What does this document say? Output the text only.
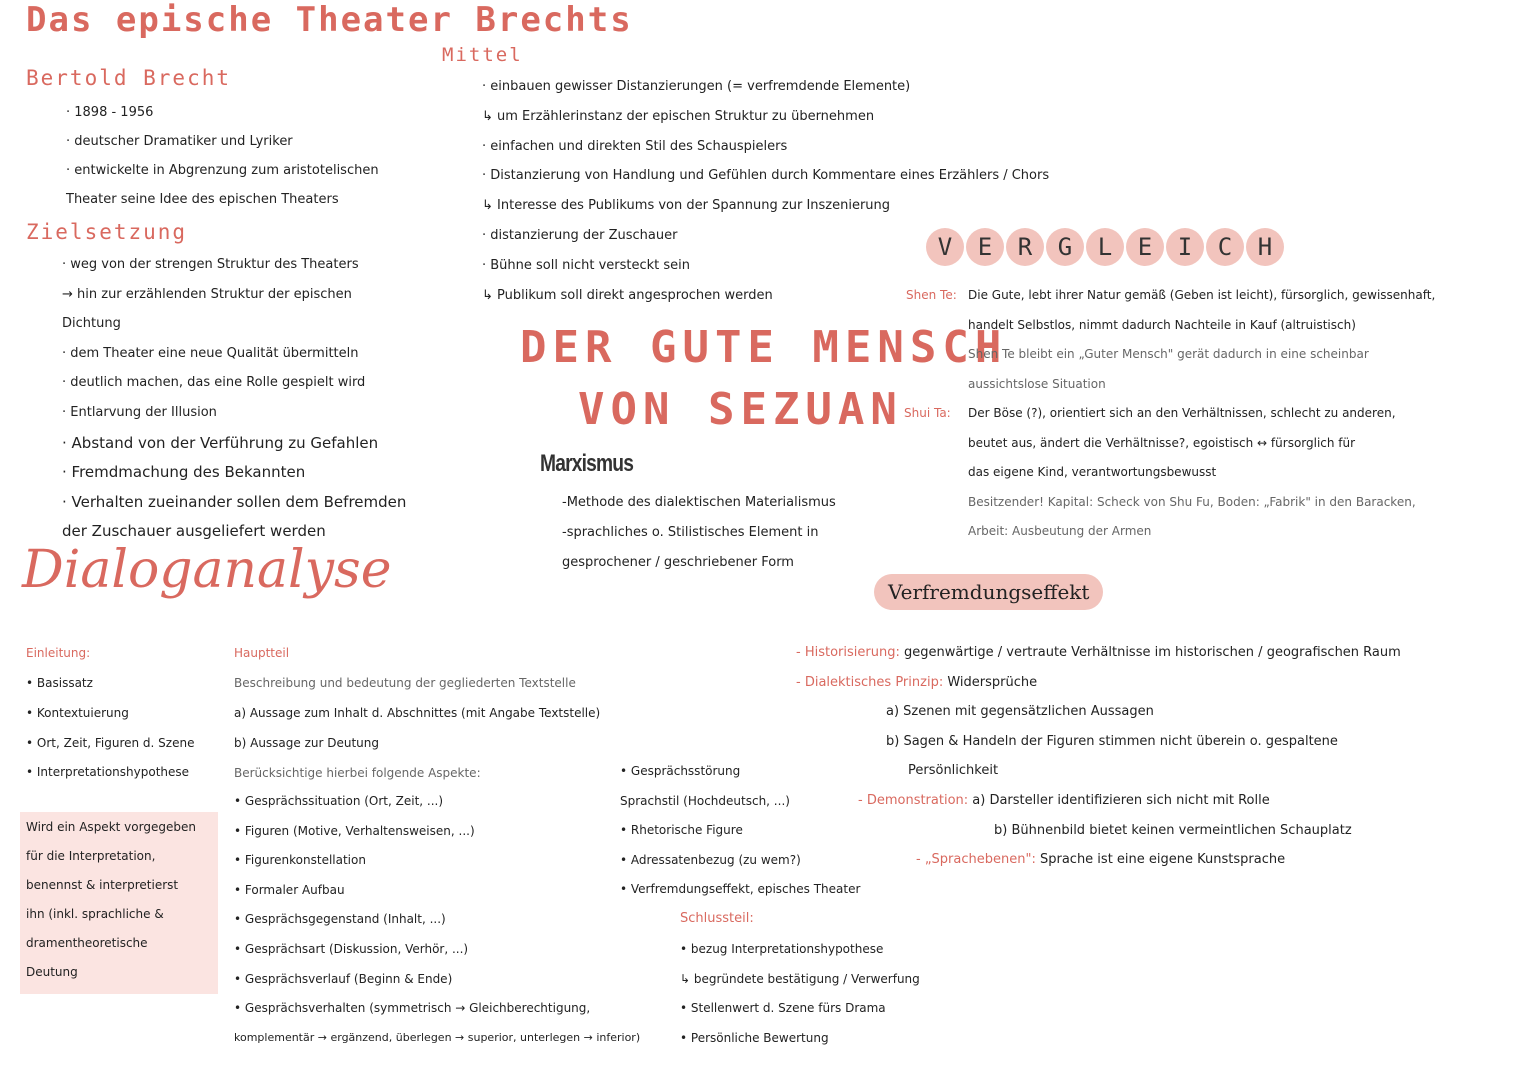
Das epische Theater Brechts
Bertold Brecht
· 1898 - 1956
· deutscher Dramatiker und Lyriker
· entwickelte in Abgrenzung zum aristotelischen
Theater seine Idee des epischen Theaters
Zielsetzung
· weg von der strengen Struktur des Theaters
→ hin zur erzählenden Struktur der epischen
Dichtung
· dem Theater eine neue Qualität übermitteln
· deutlich machen, das eine Rolle gespielt wird
· Entlarvung der Illusion
· Abstand von der Verführung zu Gefahlen
· Fremdmachung des Bekannten
· Verhalten zueinander sollen dem Befremden
der Zuschauer ausgeliefert werden
Mittel
· einbauen gewisser Distanzierungen (= verfremdende Elemente)
↳ um Erzählerinstanz der epischen Struktur zu übernehmen
· einfachen und direkten Stil des Schauspielers
· Distanzierung von Handlung und Gefühlen durch Kommentare eines Erzählers / Chors
↳ Interesse des Publikums von der Spannung zur Inszenierung
· distanzierung der Zuschauer
· Bühne soll nicht versteckt sein
↳ Publikum soll direkt angesprochen werden
DER GUTE MENSCH
VON SEZUAN
Marxismus
-Methode des dialektischen Materialismus
-sprachliches o. Stilistisches Element in
gesprochener / geschriebener Form
V	E	R	G	L	E	I	C	H
Shen Te: Die Gute, lebt ihrer Natur gemäß (Geben ist leicht), fürsorglich, gewissenhaft,
handelt Selbstlos, nimmt dadurch Nachteile in Kauf (altruistisch)
Shen Te bleibt ein „Guter Mensch" gerät dadurch in eine scheinbar
aussichtslose Situation
Shui Ta: Der Böse (?), orientiert sich an den Verhältnissen, schlecht zu anderen,
beutet aus, ändert die Verhältnisse?, egoistisch ↔ fürsorglich für
das eigene Kind, verantwortungsbewusst
Besitzender! Kapital: Scheck von Shu Fu, Boden: „Fabrik" in den Baracken,
Arbeit: Ausbeutung der Armen
Verfremdungseffekt
- Historisierung: gegenwärtige / vertraute Verhältnisse im historischen / geografischen Raum
- Dialektisches Prinzip: Widersprüche
a) Szenen mit gegensätzlichen Aussagen
b) Sagen & Handeln der Figuren stimmen nicht überein o. gespaltene
Persönlichkeit
- Demonstration: a) Darsteller identifizieren sich nicht mit Rolle
b) Bühnenbild bietet keinen vermeintlichen Schauplatz
- „Sprachebenen": Sprache ist eine eigene Kunstsprache
Dialoganalyse
Einleitung:
• Basissatz
• Kontextuierung
• Ort, Zeit, Figuren d. Szene
• Interpretationshypothese
Wird ein Aspekt vorgegeben
für die Interpretation,
benennst & interpretierst
ihn (inkl. sprachliche &
dramentheoretische
Deutung
Hauptteil
Beschreibung und bedeutung der gegliederten Textstelle
a) Aussage zum Inhalt d. Abschnittes (mit Angabe Textstelle)
b) Aussage zur Deutung
Berücksichtige hierbei folgende Aspekte:
• Gesprächssituation (Ort, Zeit, ...)
• Figuren (Motive, Verhaltensweisen, ...)
• Figurenkonstellation
• Formaler Aufbau
• Gesprächsgegenstand (Inhalt, ...)
• Gesprächsart (Diskussion, Verhör, ...)
• Gesprächsverlauf (Beginn & Ende)
• Gesprächsverhalten (symmetrisch → Gleichberechtigung,
komplementär → ergänzend, überlegen → superior, unterlegen → inferior)
• Gesprächsstörung
Sprachstil (Hochdeutsch, ...)
• Rhetorische Figure
• Adressatenbezug (zu wem?)
• Verfremdungseffekt, episches Theater
Schlussteil:
• bezug Interpretationshypothese
↳ begründete bestätigung / Verwerfung
• Stellenwert d. Szene fürs Drama
• Persönliche Bewertung
